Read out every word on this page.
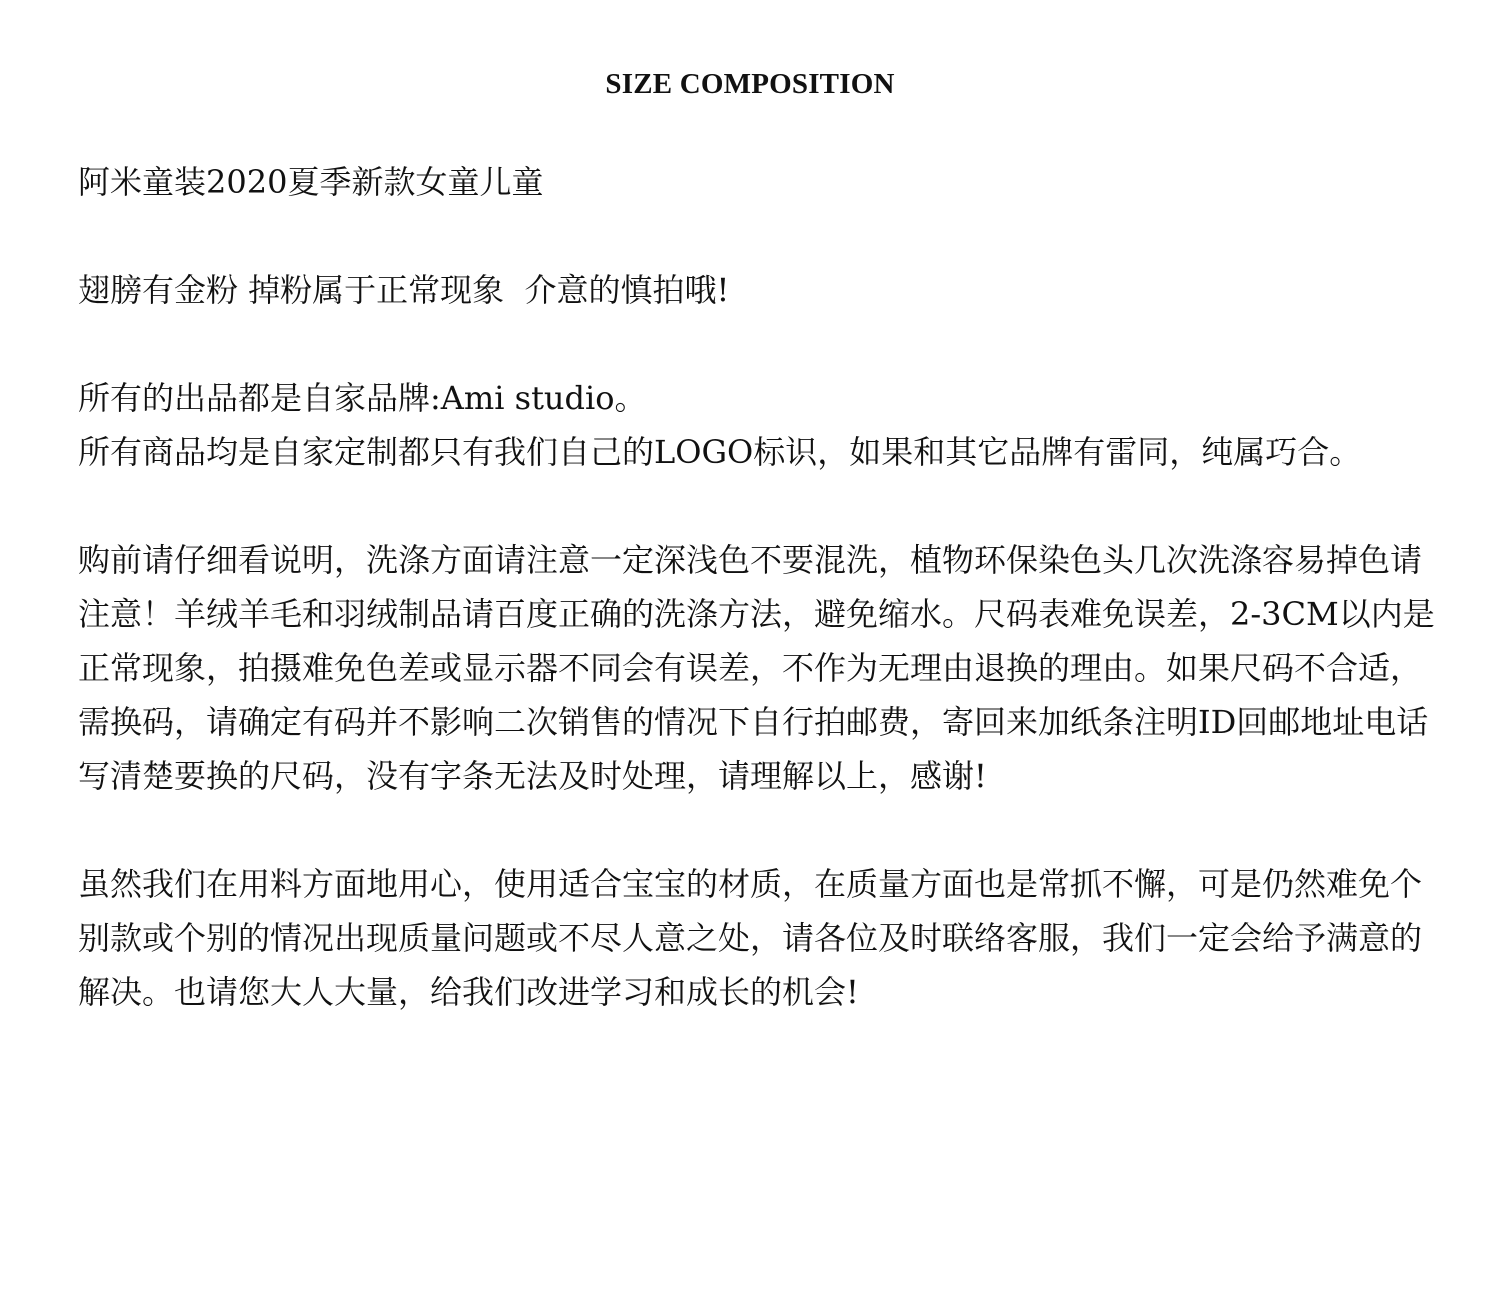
SIZE COMPOSITION

阿米童装2020夏季新款女童儿童

翅膀有金粉 掉粉属于正常现象  介意的慎拍哦!

所有的出品都是自家品牌:Ami studio。

所有商品均是自家定制都只有我们自己的LOGO标识，如果和其它品牌有雷同，纯属巧合。

购前请仔细看说明，洗涤方面请注意一定深浅色不要混洗，植物环保染色头几次洗涤容易掉色请注意！羊绒羊毛和羽绒制品请百度正确的洗涤方法，避免缩水。尺码表难免误差，2-3CM以内是正常现象，拍摄难免色差或显示器不同会有误差，不作为无理由退换的理由。如果尺码不合适，需换码，请确定有码并不影响二次销售的情况下自行拍邮费，寄回来加纸条注明ID回邮地址电话写清楚要换的尺码，没有字条无法及时处理，请理解以上，感谢!

虽然我们在用料方面地用心，使用适合宝宝的材质，在质量方面也是常抓不懈，可是仍然难免个别款或个别的情况出现质量问题或不尽人意之处，请各位及时联络客服，我们一定会给予满意的解决。也请您大人大量，给我们改进学习和成长的机会!
